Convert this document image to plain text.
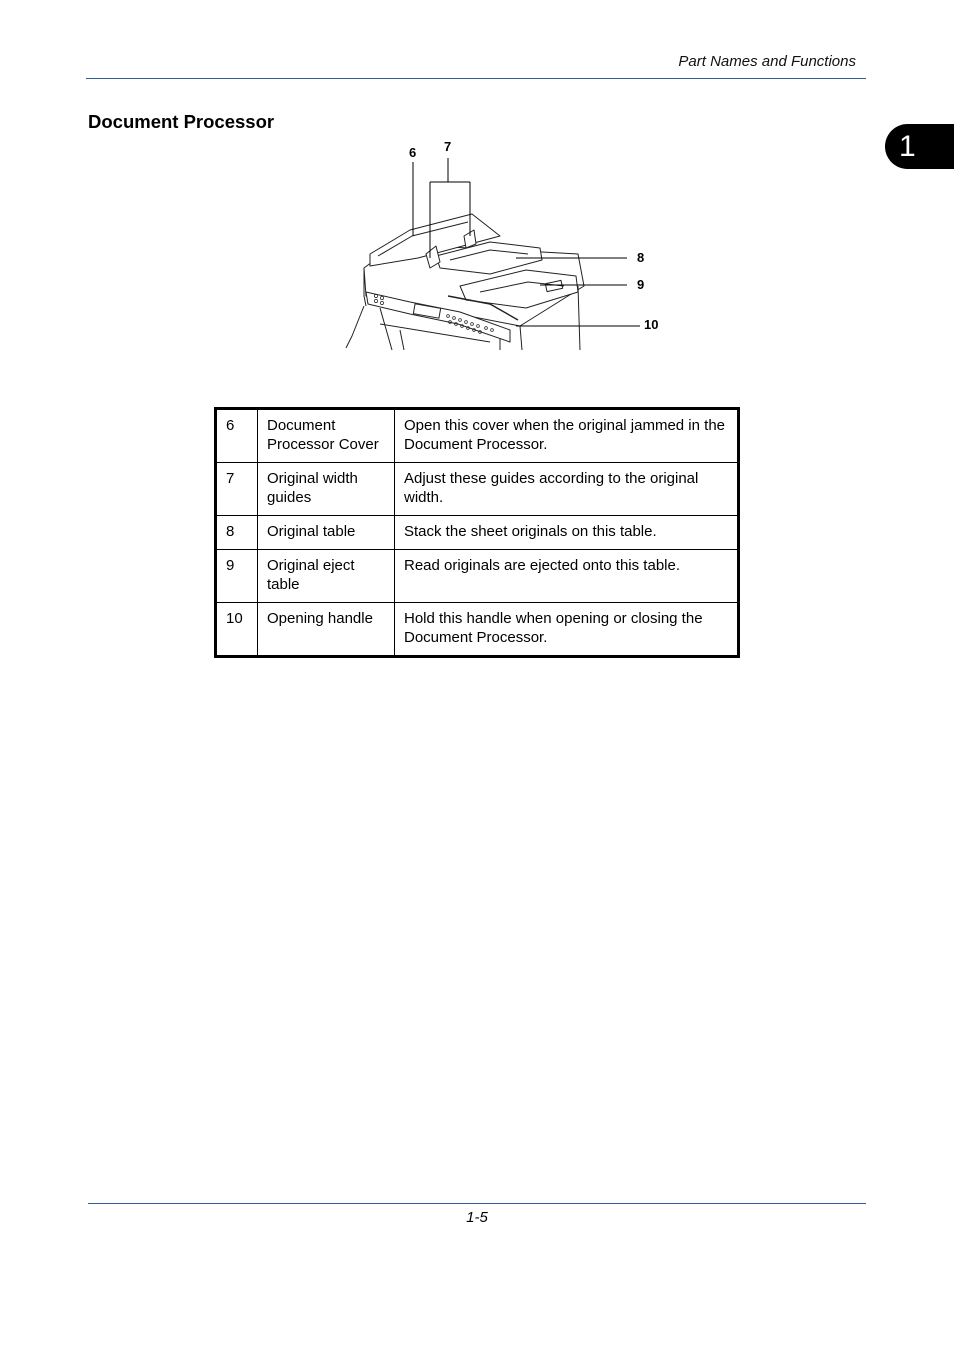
Part Names and Functions
Document Processor
1
6 7
8
9
10
6	Document Processor Cover	Open this cover when the original jammed in the Document Processor.
7	Original width guides	Adjust these guides according to the original width.
8	Original table	Stack the sheet originals on this table.
9	Original eject table	Read originals are ejected onto this table.
10	Opening handle	Hold this handle when opening or closing the Document Processor.
1-5
